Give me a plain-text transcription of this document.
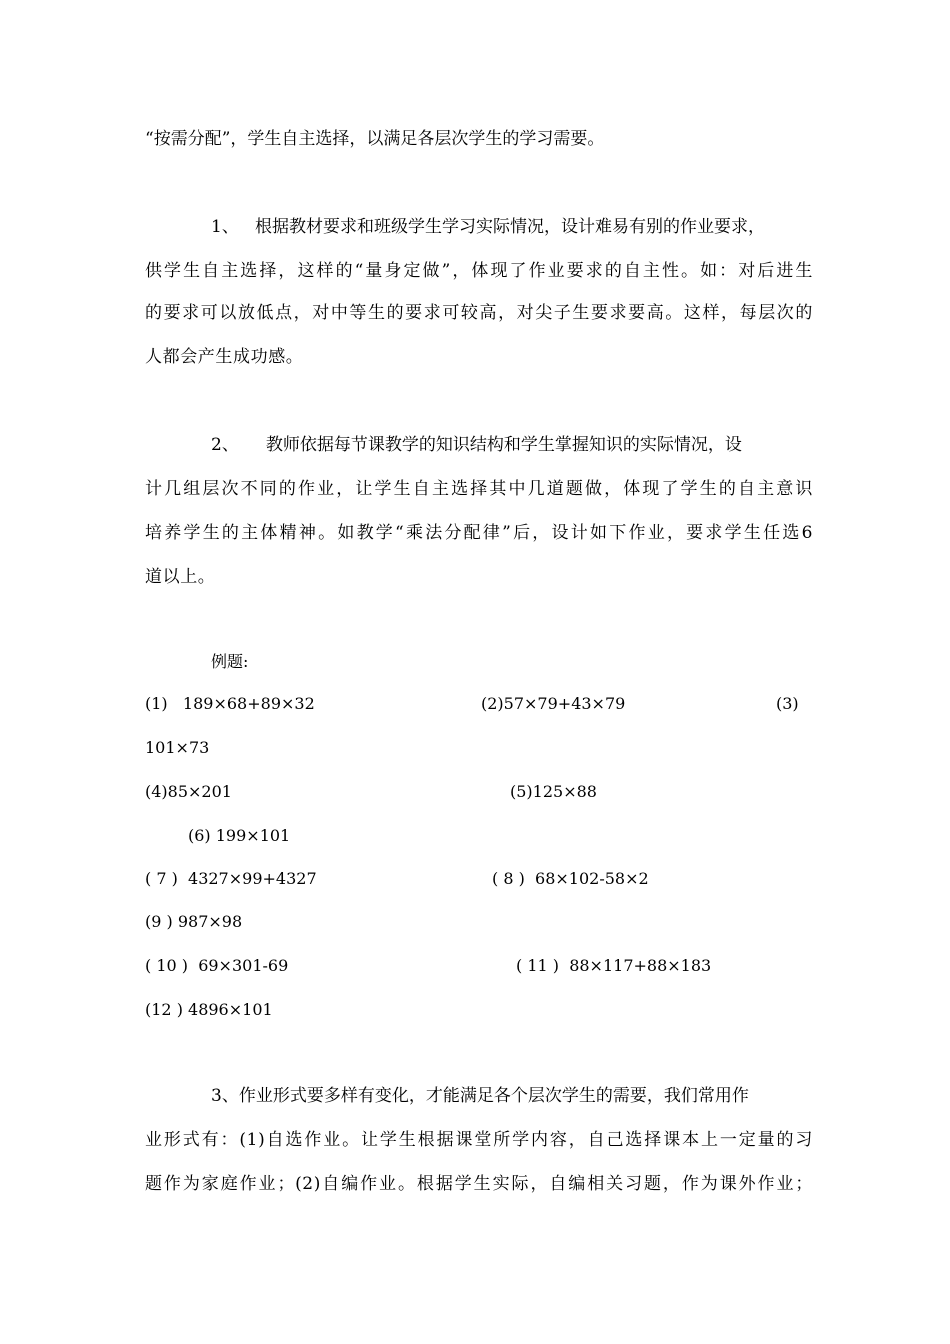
“按需分配”，学生自主选择，以满足各层次学生的学习需要。
1、   根据教材要求和班级学生学习实际情况，设计难易有别的作业要求，
供学生自主选择，这样的“量身定做”，体现了作业要求的自主性。如：对后进生
的要求可以放低点，对中等生的要求可较高，对尖子生要求要高。这样，每层次的
人都会产生成功感。
2、     教师依据每节课教学的知识结构和学生掌握知识的实际情况，设
计几组层次不同的作业，让学生自主选择其中几道题做，体现了学生的自主意识
培养学生的主体精神。如教学“乘法分配律”后，设计如下作业，要求学生任选6
道以上。
例题:
(1)   189×68+89×32	(2)57×79+43×79	(3)
101×73
(4)85×201	(5)125×88
(6) 199×101
( 7 )  4327×99+4327	( 8 )  68×102-58×2
(9 ) 987×98
( 10 )  69×301-69	( 11 )  88×117+88×183
(12 ) 4896×101
3、作业形式要多样有变化，才能满足各个层次学生的需要，我们常用作
业形式有：(1)自选作业。让学生根据课堂所学内容，自己选择课本上一定量的习
题作为家庭作业；(2)自编作业。根据学生实际，自编相关习题，作为课外作业；
